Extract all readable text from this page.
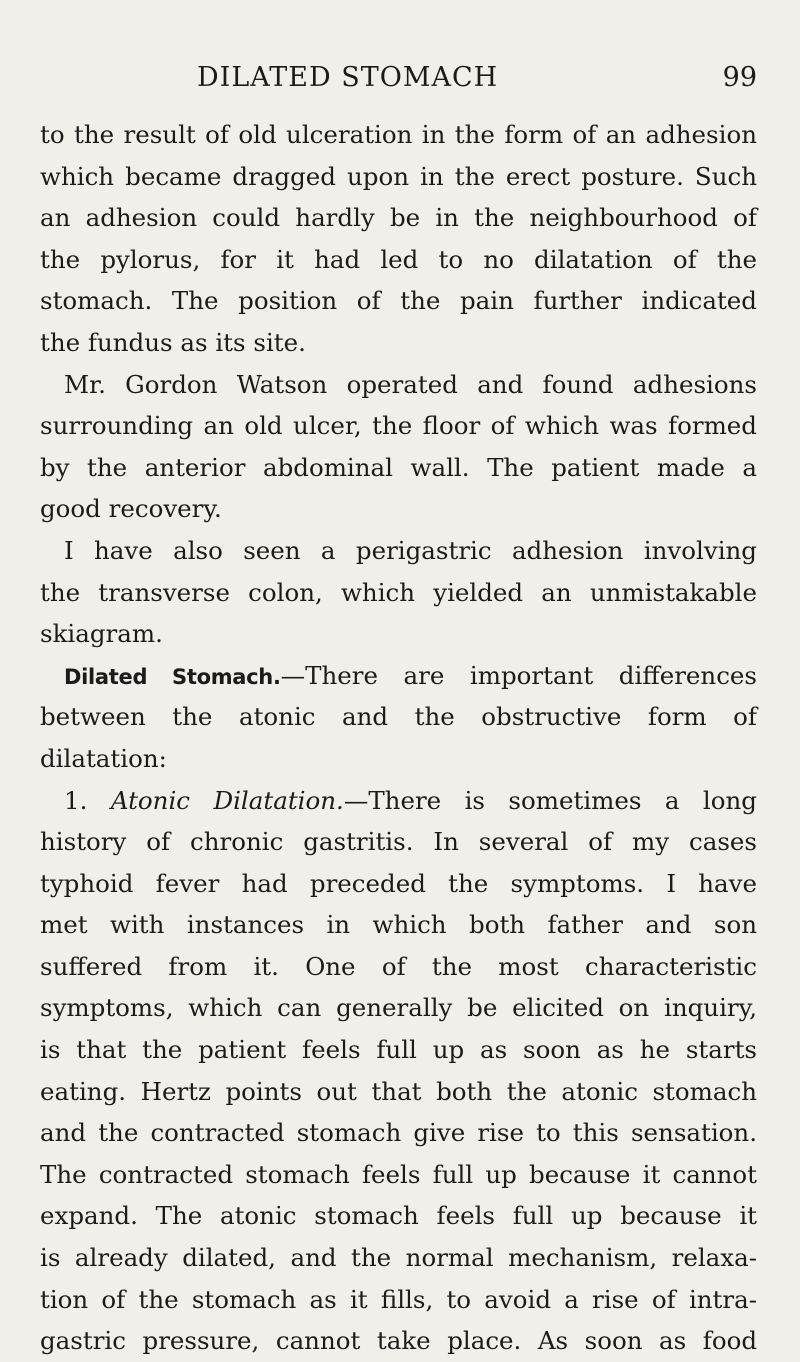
DILATED STOMACH	99
to the result of old ulceration in the form of an adhesion
which became dragged upon in the erect posture. Such
an adhesion could hardly be in the neighbourhood of
the pylorus, for it had led to no dilatation of the
stomach. The position of the pain further indicated
the fundus as its site.
Mr. Gordon Watson operated and found adhesions
surrounding an old ulcer, the floor of which was formed
by the anterior abdominal wall. The patient made a
good recovery.
I have also seen a perigastric adhesion involving
the transverse colon, which yielded an unmistakable
skiagram.
Dilated Stomach.—There are important differences
between the atonic and the obstructive form of
dilatation:
1. Atonic Dilatation.—There is sometimes a long
history of chronic gastritis. In several of my cases
typhoid fever had preceded the symptoms. I have
met with instances in which both father and son
suffered from it. One of the most characteristic
symptoms, which can generally be elicited on inquiry,
is that the patient feels full up as soon as he starts
eating. Hertz points out that both the atonic stomach
and the contracted stomach give rise to this sensation.
The contracted stomach feels full up because it cannot
expand. The atonic stomach feels full up because it
is already dilated, and the normal mechanism, relaxa-
tion of the stomach as it fills, to avoid a rise of intra-
gastric pressure, cannot take place. As soon as food
